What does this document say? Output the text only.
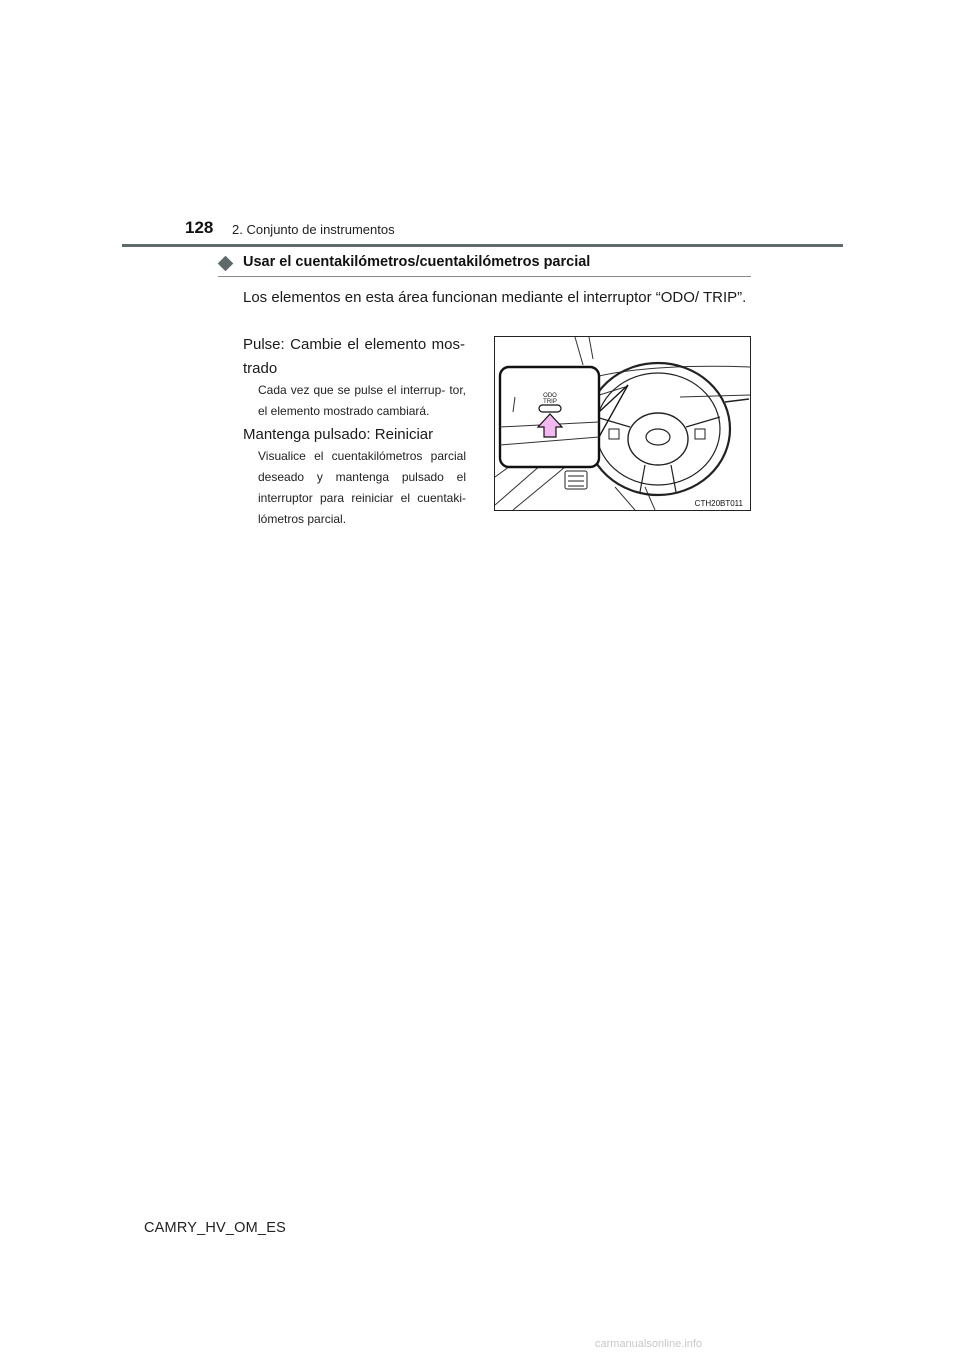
128 2. Conjunto de instrumentos
Usar el cuentakilómetros/cuentakilómetros parcial
Los elementos en esta área funcionan mediante el interruptor “ODO/ TRIP”.
Pulse: Cambie el elemento mos- trado
Cada vez que se pulse el interrup- tor, el elemento mostrado cambiará.
Mantenga pulsado: Reiniciar
Visualice el cuentakilómetros parcial deseado y mantenga pulsado el interruptor para reiniciar el cuentaki- lómetros parcial.
ODO
TRIP
CTH20BT011
CAMRY_HV_OM_ES
carmanualsonline.info
